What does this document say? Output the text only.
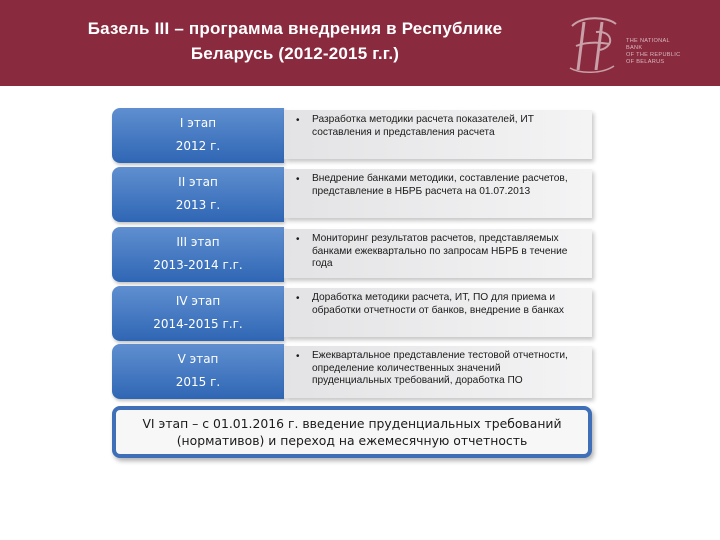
Базель III – программа внедрения в Республике
Беларусь (2012-2015 г.г.)
THE NATIONAL
BANK
OF THE REPUBLIC
OF BELARUS
I этап
2012 г.
• Разработка методики расчета показателей, ИТ составления и представления расчета
II этап
2013 г.
• Внедрение банками методики, составление расчетов, представление в НБРБ расчета на 01.07.2013
III этап
2013-2014 г.г.
• Мониторинг результатов расчетов, представляемых банками ежеквартально по запросам НБРБ в течение года
IV этап
2014-2015 г.г.
• Доработка методики расчета, ИТ, ПО для приема и обработки отчетности от банков, внедрение в банках
V этап
2015 г.
• Ежеквартальное представление тестовой отчетности, определение количественных значений пруденциальных требований, доработка ПО
VI этап – с 01.01.2016 г. введение пруденциальных требований
(нормативов) и переход на ежемесячную отчетность
